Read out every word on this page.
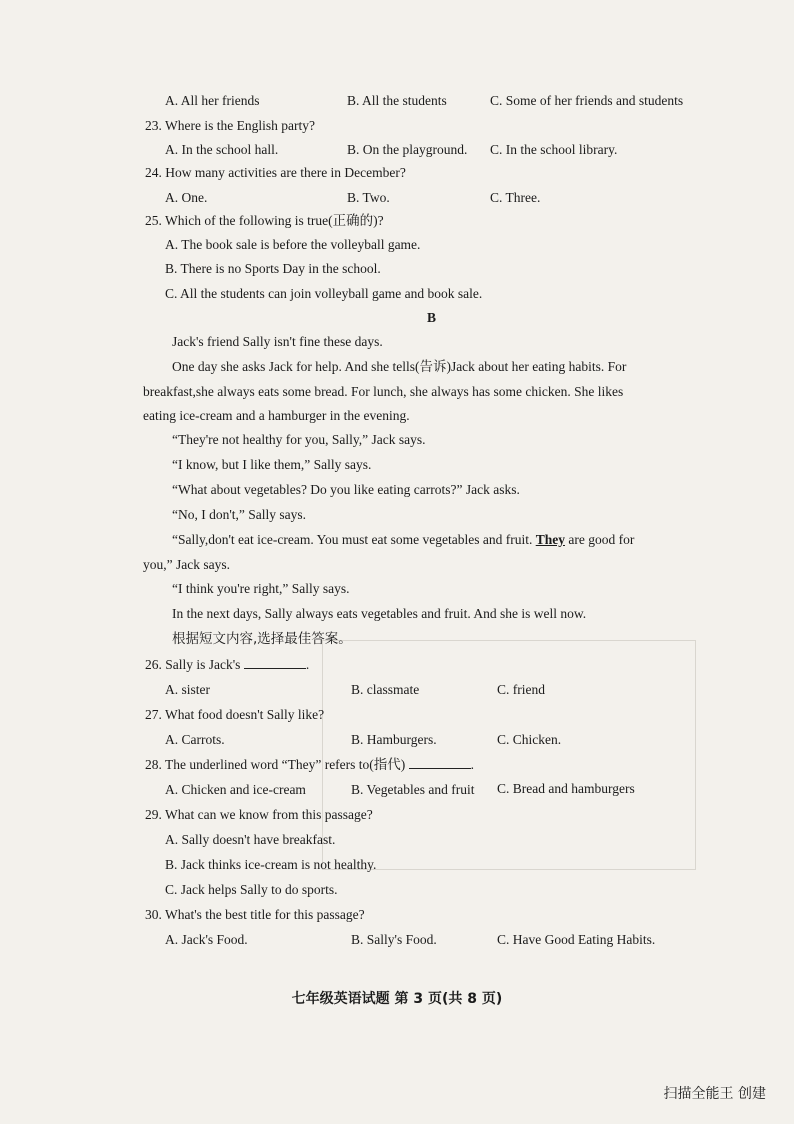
A. All her friends	B. All the students	C. Some of her friends and students
23. Where is the English party?
A. In the school hall.	B. On the playground. C. In the school library.
24. How many activities are there in December?
A. One.	B. Two.	C. Three.
25. Which of the following is true(正确的)?
A. The book sale is before the volleyball game.
B. There is no Sports Day in the school.
C. All the students can join volleyball game and book sale.
B
Jack's friend Sally isn't fine these days.
One day she asks Jack for help. And she tells(告诉)Jack about her eating habits. For
breakfast,she always eats some bread. For lunch, she always has some chicken. She likes
eating ice-cream and a hamburger in the evening.
“They're not healthy for you, Sally,” Jack says.
“I know, but I like them,” Sally says.
“What about vegetables? Do you like eating carrots?” Jack asks.
“No, I don't,” Sally says.
“Sally,don't eat ice-cream. You must eat some vegetables and fruit. They are good for
you,” Jack says.
“I think you're right,” Sally says.
In the next days, Sally always eats vegetables and fruit. And she is well now.
根据短文内容,选择最佳答案。
26. Sally is Jack's	.
A. sister	B. classmate	C. friend
27. What food doesn't Sally like?
A. Carrots.	B. Hamburgers.	C. Chicken.
28. The underlined word “They” refers to(指代)	.
A. Chicken and ice-cream	B. Vegetables and fruit C. Bread and hamburgers
29. What can we know from this passage?
A. Sally doesn't have breakfast.
B. Jack thinks ice-cream is not healthy.
C. Jack helps Sally to do sports.
30. What's the best title for this passage?
A. Jack's Food.	B. Sally's Food.	C. Have Good Eating Habits.
七年级英语试题 第 3 页(共 8 页)
扫描全能王 创建
